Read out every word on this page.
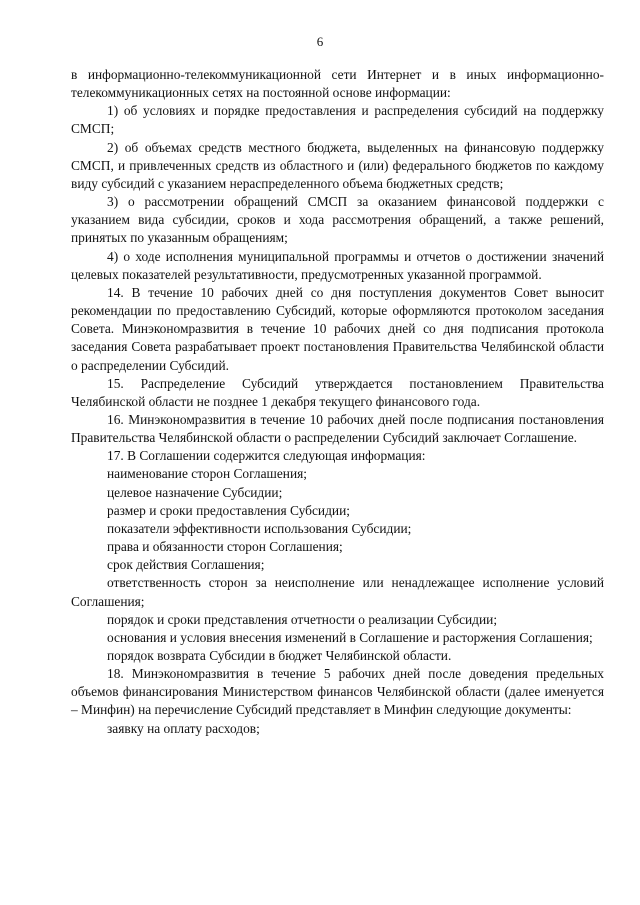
6

в информационно-телекоммуникационной сети Интернет и в иных информационно-телекоммуникационных сетях на постоянной основе информации:

1) об условиях и порядке предоставления и распределения субсидий на поддержку СМСП;

2) об объемах средств местного бюджета, выделенных на финансовую поддержку СМСП, и привлеченных средств из областного и (или) федерального бюджетов по каждому виду субсидий с указанием нераспределенного объема бюджетных средств;

3) о рассмотрении обращений СМСП за оказанием финансовой поддержки с указанием вида субсидии, сроков и хода рассмотрения обращений, а также решений, принятых по указанным обращениям;

4) о ходе исполнения муниципальной программы и отчетов о достижении значений целевых показателей результативности, предусмотренных указанной программой.

14. В течение 10 рабочих дней со дня поступления документов Совет выносит рекомендации по предоставлению Субсидий, которые оформляются протоколом заседания Совета. Минэкономразвития в течение 10 рабочих дней со дня подписания протокола заседания Совета разрабатывает проект постановления Правительства Челябинской области о распределении Субсидий.

15. Распределение Субсидий утверждается постановлением Правительства Челябинской области не позднее 1 декабря текущего финансового года.

16. Минэкономразвития в течение 10 рабочих дней после подписания постановления Правительства Челябинской области о распределении Субсидий заключает Соглашение.

17. В Соглашении содержится следующая информация:

наименование сторон Соглашения;

целевое назначение Субсидии;

размер и сроки предоставления Субсидии;

показатели эффективности использования Субсидии;

права и обязанности сторон Соглашения;

срок действия Соглашения;

ответственность сторон за неисполнение или ненадлежащее исполнение условий Соглашения;

порядок и сроки представления отчетности о реализации Субсидии;

основания и условия внесения изменений в Соглашение и расторжения Соглашения;

порядок возврата Субсидии в бюджет Челябинской области.

18. Минэкономразвития в течение 5 рабочих дней после доведения предельных объемов финансирования Министерством финансов Челябинской области (далее именуется – Минфин) на перечисление Субсидий представляет в Минфин следующие документы:

заявку на оплату расходов;
